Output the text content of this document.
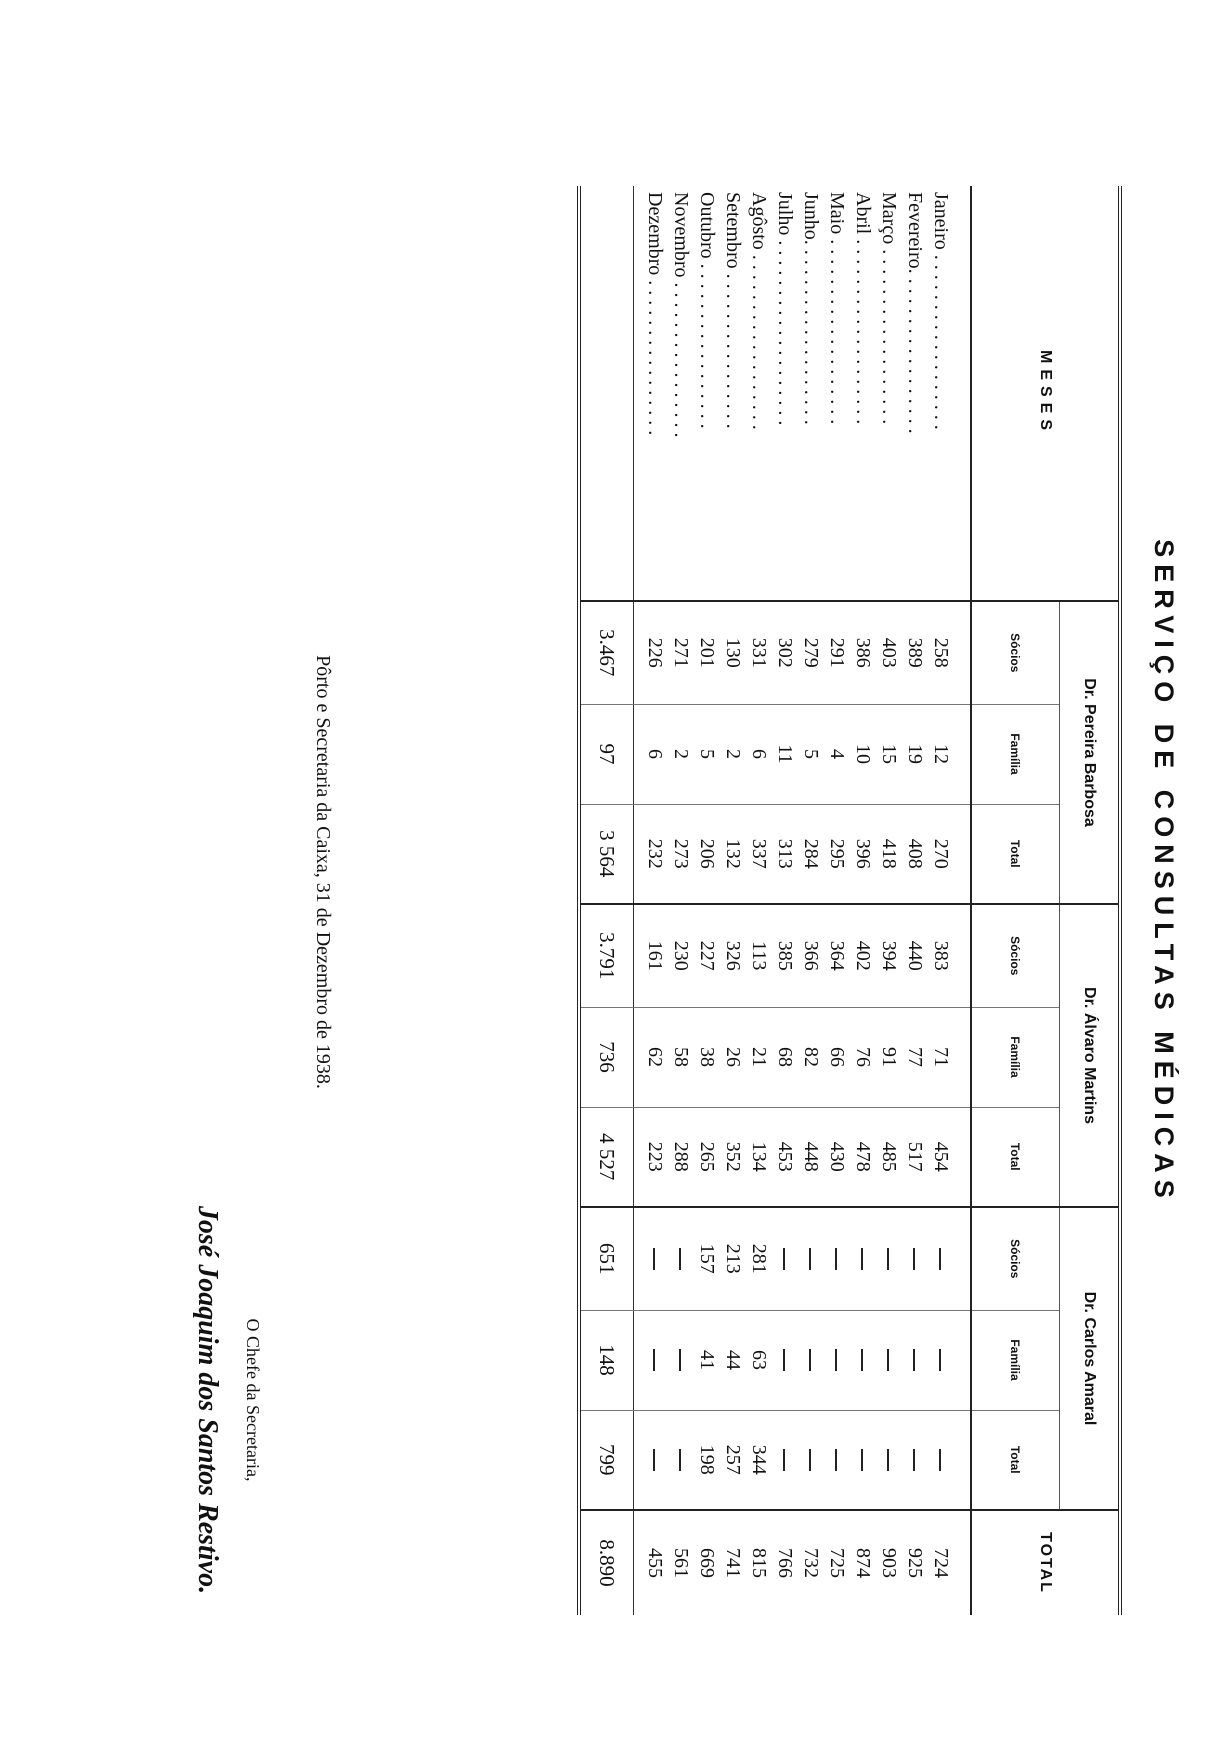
SERVIÇO DE CONSULTAS MÉDICAS
MESES	Dr. Pereira Barbosa			Dr. Álvaro Martins			Dr. Carlos Amaral			TOTAL
	Sócios	Família	Total	Sócios	Família	Total	Sócios	Família	Total	
Janeiro . . . . . . . . . . . . . . . . . .	258	12	270	383	71	454				724
Fevereiro. . . . . . . . . . . . . . . . .	389	19	408	440	77	517				925
Março . . . . . . . . . . . . . . . . . .	403	15	418	394	91	485				903
Abril . . . . . . . . . . . . . . . . . . .	386	10	396	402	76	478				874
Maio . . . . . . . . . . . . . . . . . . .	291	4	295	364	66	430				725
Junho. . . . . . . . . . . . . . . . . . .	279	5	284	366	82	448				732
Julho . . . . . . . . . . . . . . . . . . .	302	11	313	385	68	453				766
Agôsto . . . . . . . . . . . . . . . . . .	331	6	337	113	21	134	281	63	344	815
Setembro . . . . . . . . . . . . . . . .	130	2	132	326	26	352	213	44	257	741
Outubro . . . . . . . . . . . . . . . . .	201	5	206	227	38	265	157	41	198	669
Novembro . . . . . . . . . . . . . . . .	271	2	273	230	58	288				561
Dezembro . . . . . . . . . . . . . . . .	226	6	232	161	62	223				455
	3.467	97	3 564	3.791	736	4 527	651	148	799	8.890
Pôrto e Secretaria da Caixa, 31 de Dezembro de 1938.
O Chefe da Secretaria,
José Joaquim dos Santos Restivo.
